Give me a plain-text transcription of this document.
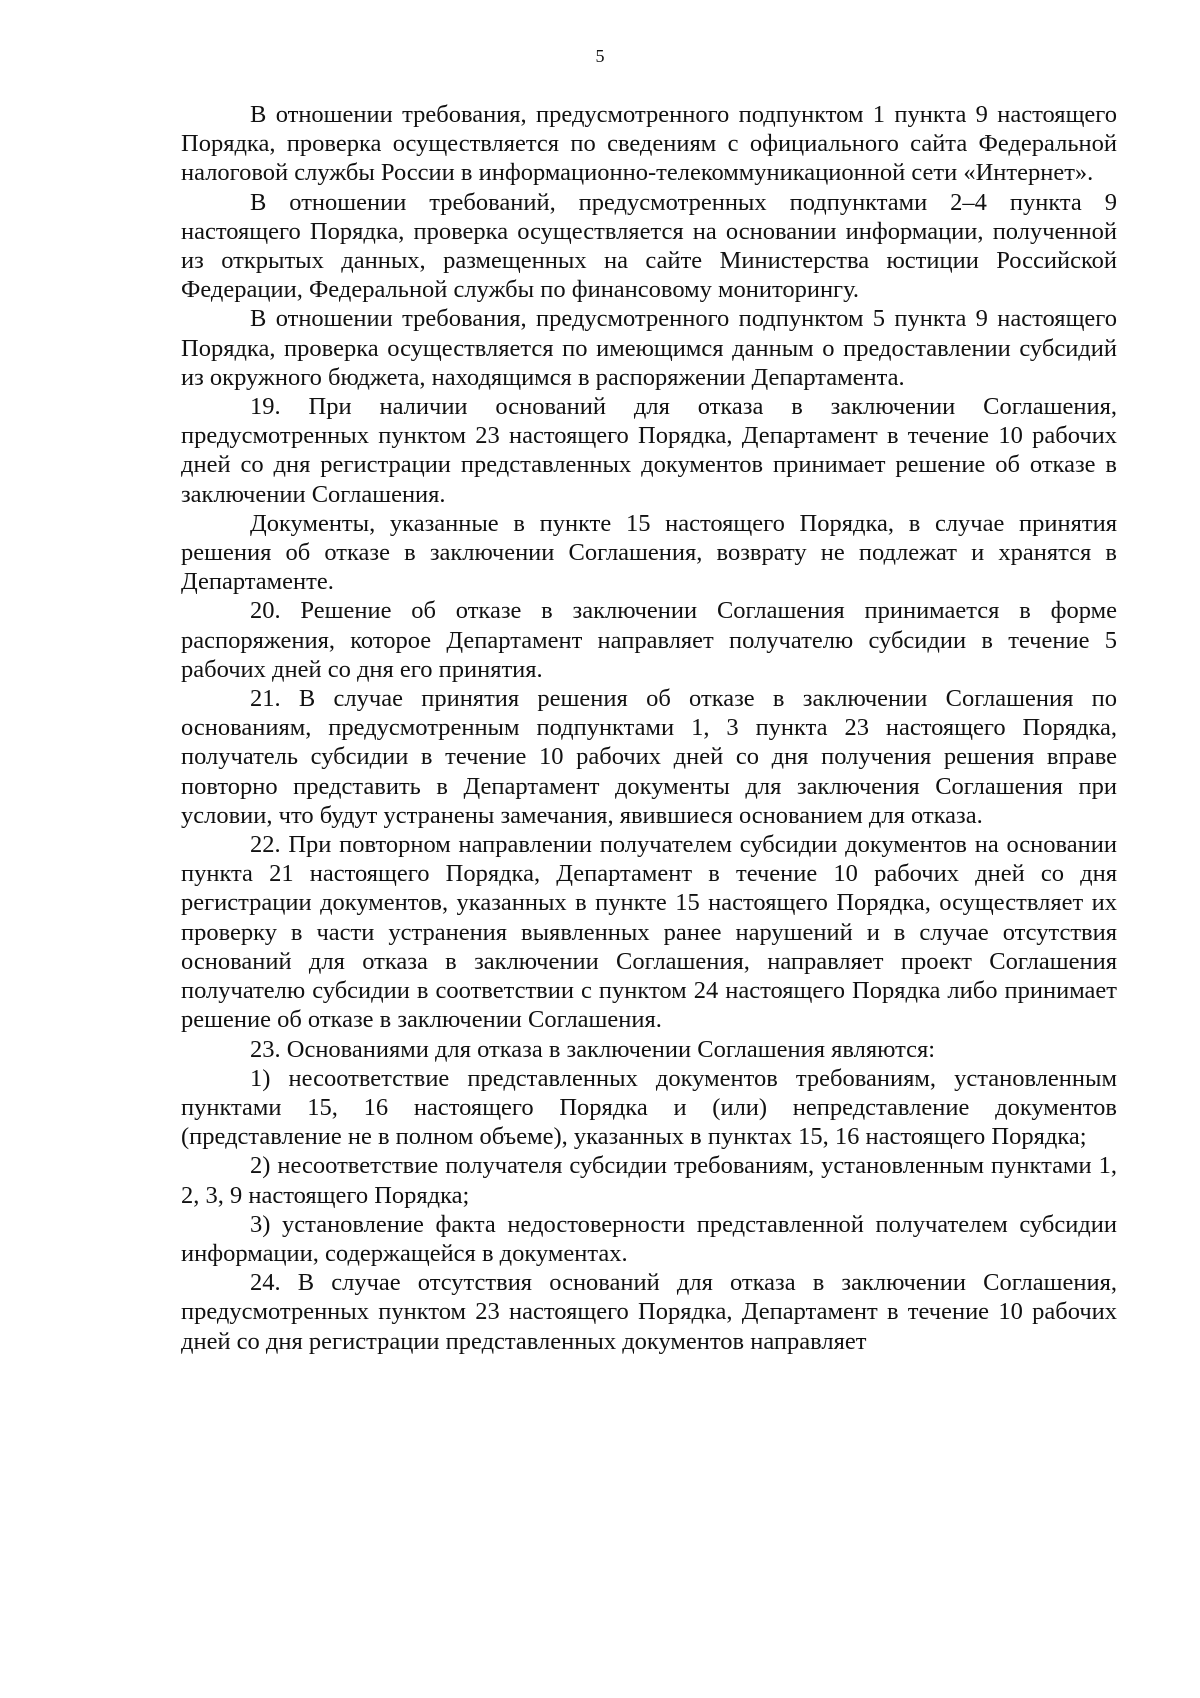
5

В отношении требования, предусмотренного подпунктом 1 пункта 9 настоящего Порядка, проверка осуществляется по сведениям с официального сайта Федеральной налоговой службы России в информационно-телекоммуникационной сети «Интернет».

В отношении требований, предусмотренных подпунктами 2–4 пункта 9 настоящего Порядка, проверка осуществляется на основании информации, полученной из открытых данных, размещенных на сайте Министерства юстиции Российской Федерации, Федеральной службы по финансовому мониторингу.

В отношении требования, предусмотренного подпунктом 5 пункта 9 настоящего Порядка, проверка осуществляется по имеющимся данным о предоставлении субсидий из окружного бюджета, находящимся в распоряжении Департамента.

19. При наличии оснований для отказа в заключении Соглашения, предусмотренных пунктом 23 настоящего Порядка, Департамент в течение 10 рабочих дней со дня регистрации представленных документов принимает решение об отказе в заключении Соглашения.

Документы, указанные в пункте 15 настоящего Порядка, в случае принятия решения об отказе в заключении Соглашения, возврату не подлежат и хранятся в Департаменте.

20. Решение об отказе в заключении Соглашения принимается в форме распоряжения, которое Департамент направляет получателю субсидии в течение 5 рабочих дней со дня его принятия.

21. В случае принятия решения об отказе в заключении Соглашения по основаниям, предусмотренным подпунктами 1, 3 пункта 23 настоящего Порядка, получатель субсидии в течение 10 рабочих дней со дня получения решения вправе повторно представить в Департамент документы для заключения Соглашения при условии, что будут устранены замечания, явившиеся основанием для отказа.

22. При повторном направлении получателем субсидии документов на основании пункта 21 настоящего Порядка, Департамент в течение 10 рабочих дней со дня регистрации документов, указанных в пункте 15 настоящего Порядка, осуществляет их проверку в части устранения выявленных ранее нарушений и в случае отсутствия оснований для отказа в заключении Соглашения, направляет проект Соглашения получателю субсидии в соответствии с пунктом 24 настоящего Порядка либо принимает решение об отказе в заключении Соглашения.

23. Основаниями для отказа в заключении Соглашения являются:

1) несоответствие представленных документов требованиям, установленным пунктами 15, 16 настоящего Порядка и (или) непредставление документов (представление не в полном объеме), указанных в пунктах 15, 16 настоящего Порядка;

2) несоответствие получателя субсидии требованиям, установленным пунктами 1, 2, 3, 9 настоящего Порядка;

3) установление факта недостоверности представленной получателем субсидии информации, содержащейся в документах.

24. В случае отсутствия оснований для отказа в заключении Соглашения, предусмотренных пунктом 23 настоящего Порядка, Департамент в течение 10 рабочих дней со дня регистрации представленных документов направляет
